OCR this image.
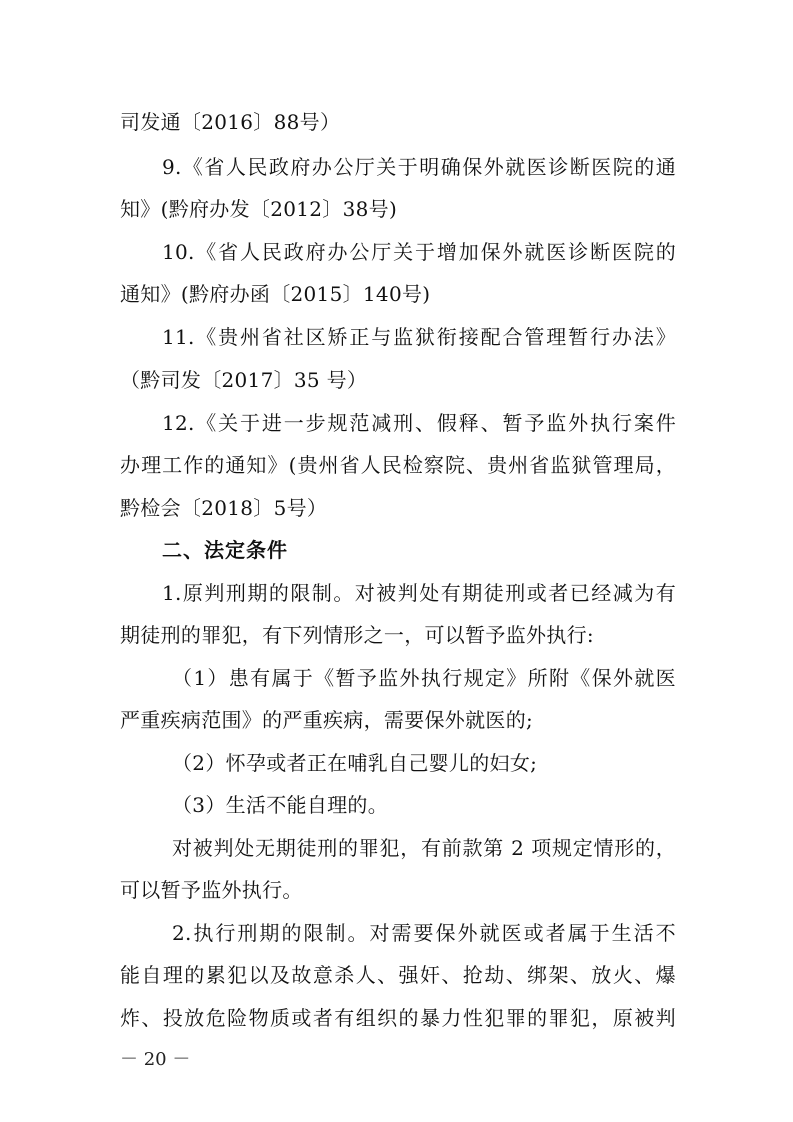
司发通〔2016〕88号）
9.《省人民政府办公厅关于明确保外就医诊断医院的通
知》(黔府办发〔2012〕38号)
10.《省人民政府办公厅关于增加保外就医诊断医院的
通知》(黔府办函〔2015〕140号)
11.《贵州省社区矫正与监狱衔接配合管理暂行办法》
（黔司发〔2017〕35 号）
12.《关于进一步规范减刑、假释、暂予监外执行案件
办理工作的通知》(贵州省人民检察院、贵州省监狱管理局，
黔检会〔2018〕5号）
二、法定条件
1.原判刑期的限制。对被判处有期徒刑或者已经减为有
期徒刑的罪犯，有下列情形之一，可以暂予监外执行:
（1）患有属于《暂予监外执行规定》所附《保外就医
严重疾病范围》的严重疾病，需要保外就医的;
（2）怀孕或者正在哺乳自己婴儿的妇女;
（3）生活不能自理的。
对被判处无期徒刑的罪犯，有前款第 2 项规定情形的，
可以暂予监外执行。
2.执行刑期的限制。对需要保外就医或者属于生活不
能自理的累犯以及故意杀人、强奸、抢劫、绑架、放火、爆
炸、投放危险物质或者有组织的暴力性犯罪的罪犯，原被判
－ 20 －
